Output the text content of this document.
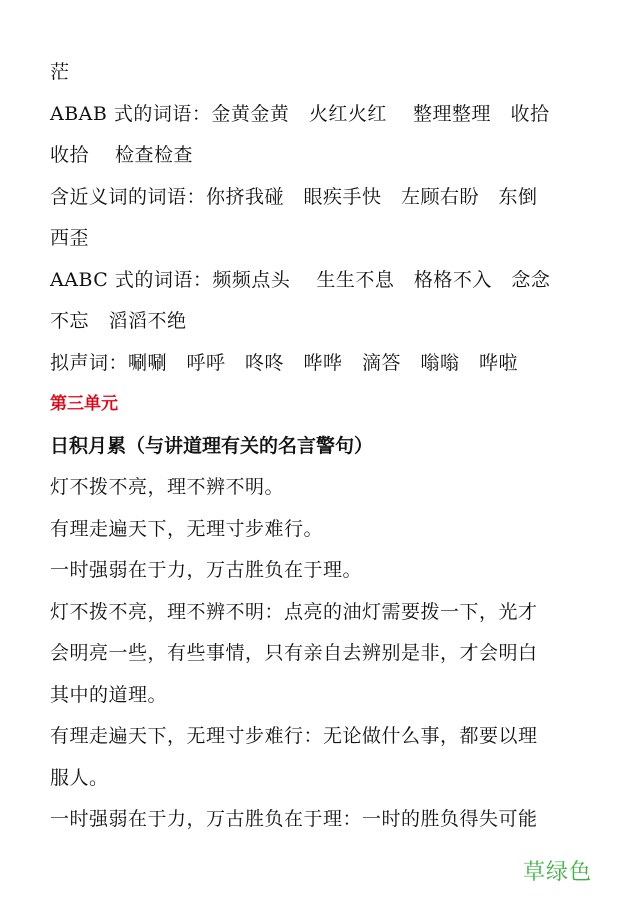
茫
ABAB 式的词语：金黄金黄　火红火红　 整理整理　收拾
收拾　 检查检查
含近义词的词语：你挤我碰　眼疾手快　左顾右盼　东倒
西歪
AABC 式的词语：频频点头　 生生不息　格格不入　念念
不忘　滔滔不绝
拟声词：唰唰　呼呼　咚咚　哗哗　滴答　嗡嗡　哗啦
第三单元
日积月累（与讲道理有关的名言警句）
灯不拨不亮，理不辨不明。
有理走遍天下，无理寸步难行。
一时强弱在于力，万古胜负在于理。
灯不拨不亮，理不辨不明：点亮的油灯需要拨一下，光才
会明亮一些，有些事情，只有亲自去辨别是非，才会明白
其中的道理。
有理走遍天下，无理寸步难行：无论做什么事，都要以理
服人。
一时强弱在于力，万古胜负在于理：一时的胜负得失可能
草绿色
